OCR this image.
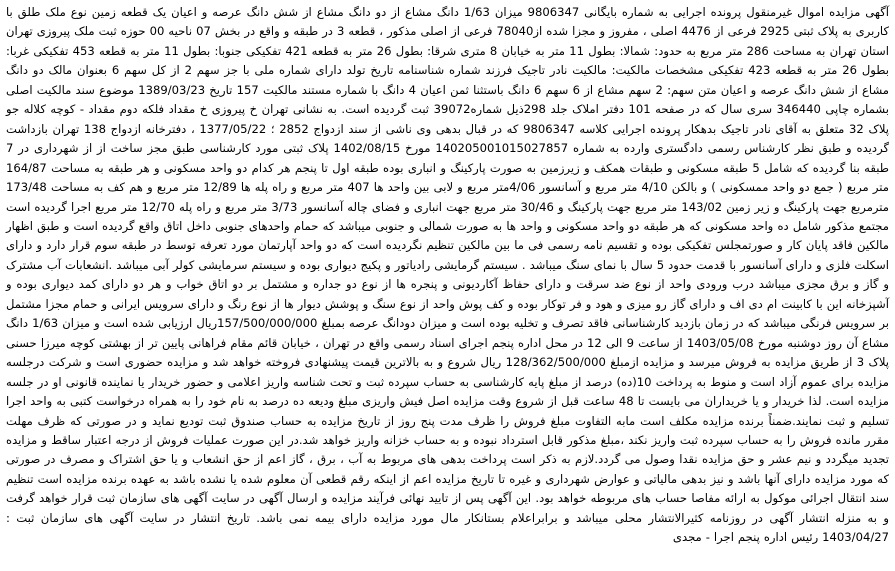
آگهی مزایده اموال غیرمنقول پرونده اجرایی به شماره بایگانی 9806347 میزان 1/63 دانگ مشاع از دو دانگ مشاع از شش دانگ عرصه و اعیان یک قطعه زمین نوع ملک طلق با کاربری به پلاک ثبتی 2925 فرعی از 4476 اصلی ، مفروز و مجزا شده از78040 فرعی از اصلی مذکور ، قطعه 3 در طبقه و واقع در بخش 07 ناحیه 00 حوزه ثبت ملک پیروزی تهران استان تهران به مساحت 286 متر مربع به حدود: شمالا: بطول 11 متر به خیابان 8 متری شرقا: بطول 26 متر به قطعه 421 تفکیکی جنوبا: بطول 11 متر به قطعه 453 تفکیکی غربا: بطول 26 متر به قطعه 423 تفکیکی مشخصات مالکیت: مالکیت نادر تاجیک فرزند شماره شناسنامه تاریخ تولد دارای شماره ملی با جز سهم 2 از کل سهم 6 بعنوان مالک دو دانگ مشاع از شش دانگ عرصه و اعیان متن سهم: 2 سهم مشاع از 6 سهم 6 دانگ باستثنا ثمن اعیان 4 دانگ با شماره مستند مالکیت 157 تاریخ 1389/03/23 موضوع سند مالکیت اصلی بشماره چاپی 346440 سری سال که در صفحه 101 دفتر املاک جلد 298ذیل شماره39072 ثبت گردیده است. به نشانی تهران خ پیروزی خ مقداد فلکه دوم مقداد - کوچه کلاله جو پلاک 32 متعلق به آقای نادر تاجیک بدهکار پرونده اجرایی کلاسه 9806347 که در قبال بدهی وی ناشی از سند ازدواج 2852 ؛ 1377/05/22 ، دفترخانه ازدواج 138 تهران بازداشت گردیده و طبق نظر کارشناس رسمی دادگستری وارده به شماره 140205001015027857 مورخ 1402/08/15 پلاک ثبتی مورد کارشناسی طبق مجز ساخت از از شهرداری در 7 طبقه بنا گردیده که شامل 5 طبقه مسکونی و طبقات همکف و زیرزمین به صورت پارکینگ و انباری بوده طبقه اول تا پنجم هر کدام دو واحد مسکونی و هر طبقه به مساحت 164/87 متر مربع ( جمع دو واحد ممسکونی ) و بالکن 4/10 متر مربع و آسانسور 4/06متر مربع و لابی بین واحد ها 407 متر مربع و راه پله ها 12/89 متر مربع و هم کف به مساحت 173/48 مترمربع جهت پارکینگ و زیر زمین 143/02 متر مربع جهت پارکینگ و 30/46 متر مربع جهت انباری و فضای چاله آسانسور 3/73 متر مربع و راه پله 12/70 متر مربع اجرا گردیده است مجتمع مذکور شامل ده واحد مسکونی که هر طبقه دو واحد مسکونی و واحد ها به صورت شمالی و جنوبی میباشد که حمام واحدهای جنوبی داخل اتاق واقع گردیده است و طبق اظهار مالکین فاقد پایان کار و صورتمجلس تفکیکی بوده و تقسیم نامه رسمی فی ما بین مالکین تنظیم نگردیده است که دو واحد آپارتمان مورد تعرفه توسط در طبقه سوم قرار دارد و دارای اسکلت فلزی و دارای آسانسور با قدمت حدود 5 سال با نمای سنگ میباشد . سیستم گرمایشی رادیاتور و پکیج دیواری بوده و سیستم سرمایشی کولر آبی میباشد .انشعابات آب مشترک و گاز و برق مجزی میباشد درب ورودی واحد از نوع ضد سرقت و دارای حفاظ آکاردیونی و پنجره ها از نوع دو جداره و مشتمل بر دو اتاق خواب و هر دو دارای کمد دیواری بوده و آشپزخانه این با کابینت ام دی اف و دارای گاز رو میزی و هود و فر توکار بوده و کف پوش واحد از نوع سنگ و پوشش دیوار ها از نوع رنگ و دارای سرویس ایرانی و حمام مجزا مشتمل بر سرویس فرنگی میباشد که در زمان بازدید کارشناسانی فاقد تصرف و تخلیه بوده است و میزان دودانگ عرصه بمبلغ 157/500/000/000ریال ارزیابی شده است و میزان 1/63 دانگ مشاع آن روز دوشنبه مورخ 1403/05/08 از ساعت 9 الی 12 در محل اداره پنجم اجرای اسناد رسمی واقع در تهران ، خیابان قائم مقام فراهانی پایین تر از بهشتی کوچه میرزا حسنی پلاک 3 از طریق مزایده به فروش میرسد و مزایده ازمبلغ 128/362/500/000 ریال شروع و به بالاترین قیمت پیشنهادی فروخته خواهد شد و مزایده حضوری است و شرکت درجلسه مزایده برای عموم آزاد است و منوط به پرداخت 10(ده) درصد از مبلغ پایه کارشناسی به حساب سپرده ثبت و تحت شناسه واریز اعلامی و حضور خریدار یا نماینده قانونی او در جلسه مزایده است. لذا خریدار و یا خریداران می بایست تا 48 ساعت قبل از شروع وقت مزایده اصل فیش واریزی مبلغ ودیعه ده درصد به نام خود را به همراه درخواست کتبی به واحد اجرا تسلیم و ثبت نمایند.ضمناً برنده مزایده مکلف است مابه التفاوت مبلغ فروش را ظرف مدت پنج روز از تاریخ مزایده به حساب صندوق ثبت تودیع نماید و در صورتی که ظرف مهلت مقرر مانده فروش را به حساب سپرده ثبت واریز نکند ،مبلغ مذکور قابل استرداد نبوده و به حساب خزانه واریز خواهد شد.در این صورت عملیات فروش از درجه اعتبار ساقط و مزایده تجدید میگردد و نیم عشر و حق مزایده نقدا وصول می گردد.لازم به ذکر است پرداخت بدهی های مربوط به آب ، برق ، گاز اعم از حق انشعاب و یا حق اشتراک و مصرف در صورتی که مورد مزایده دارای آنها باشد و نیز بدهی مالیاتی و عوارض شهرداری و غیره تا تاریخ مزایده اعم از اینکه رقم قطعی آن معلوم شده یا نشده باشد به عهده برنده مزایده است تنظیم سند انتقال اجرائی موکول به ارائه مفاصا حساب های مربوطه خواهد بود. این آگهی پس از تایید نهائی فرآیند مزایده و ارسال آگهی در سایت آگهی های سازمان ثبت قرار خواهد گرفت و به منزله انتشار آگهی در روزنامه کثیرالانتشار محلی میباشد و برابراعلام بستانکار مال مورد مزایده دارای بیمه نمی باشد. تاریخ انتشار در سایت آگهی های سازمان ثبت : 1403/04/27 رئیس اداره پنجم اجرا - مجدی
